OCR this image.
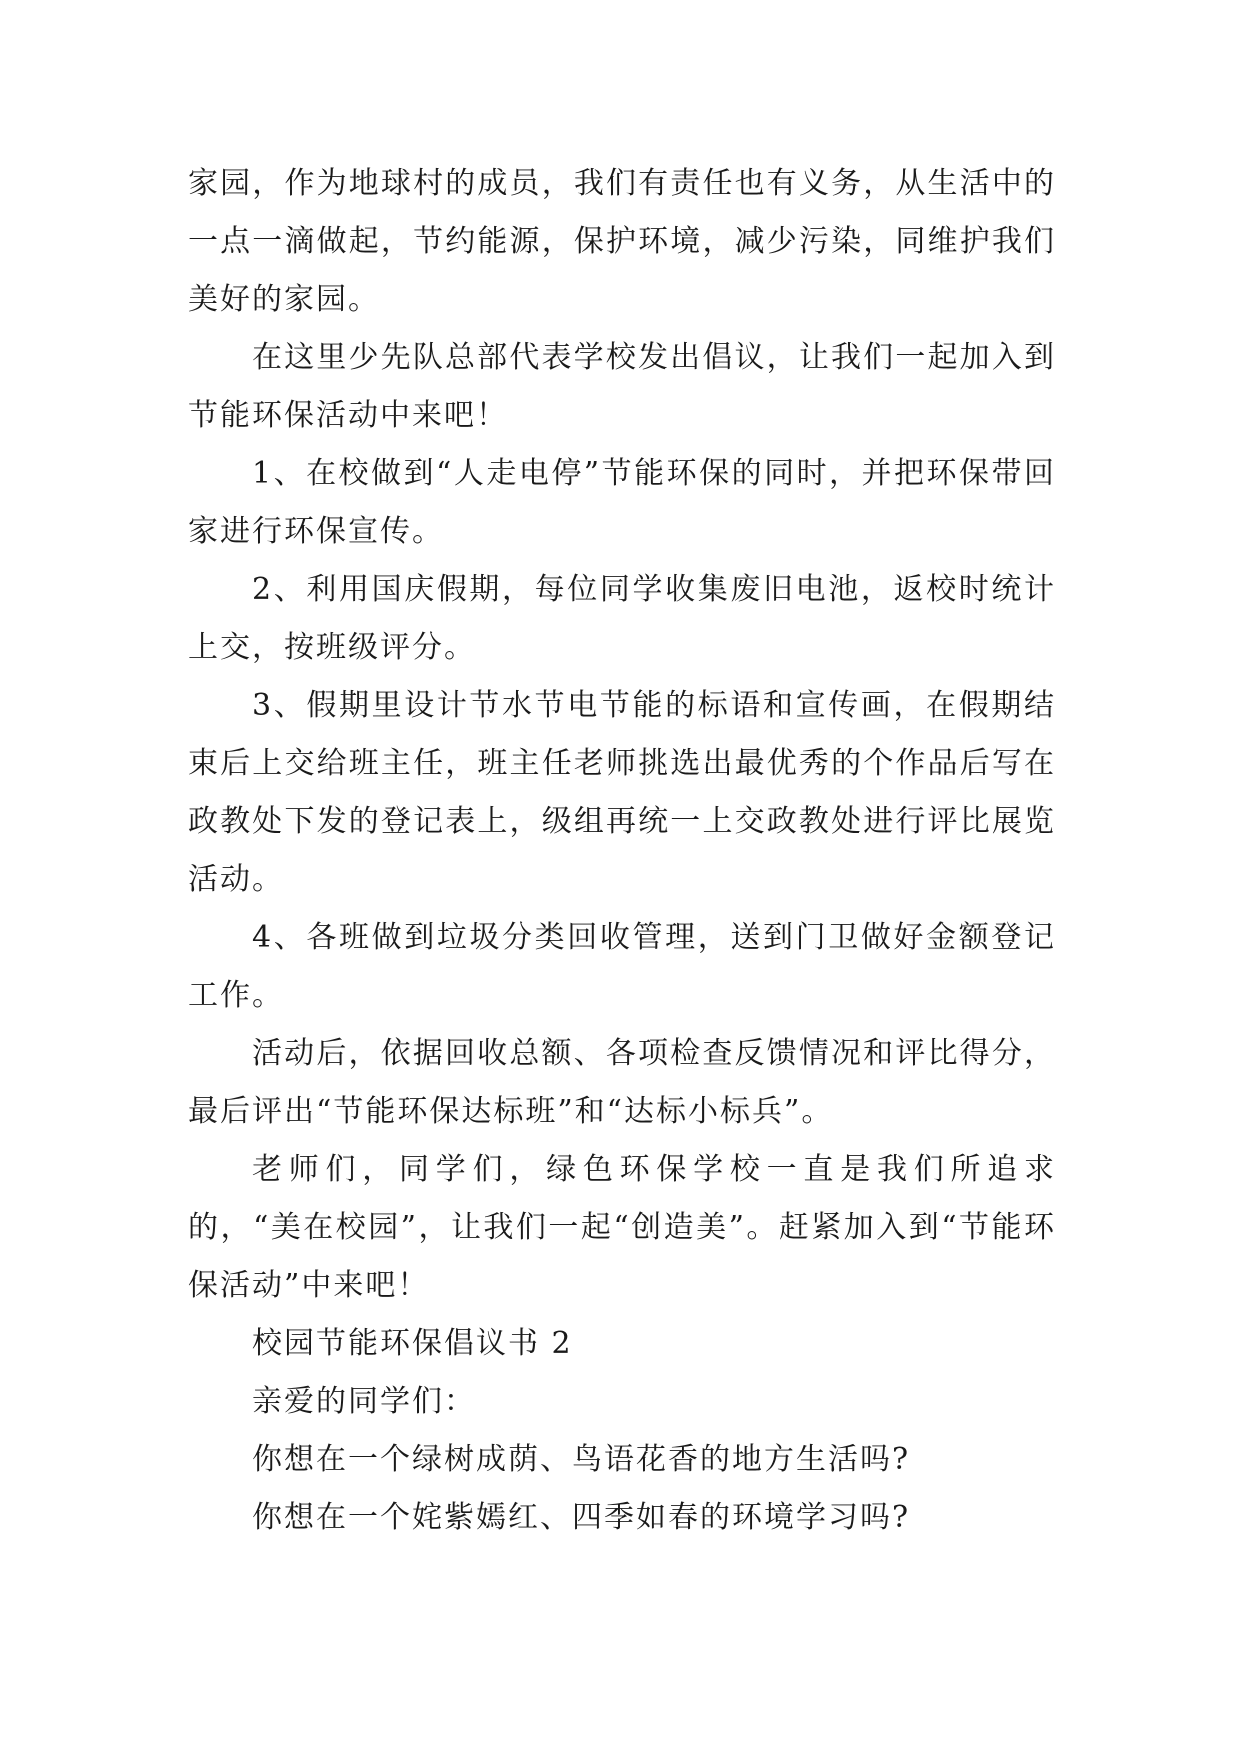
家园，作为地球村的成员，我们有责任也有义务，从生活中的一点一滴做起，节约能源，保护环境，减少污染，同维护我们美好的家园。

在这里少先队总部代表学校发出倡议，让我们一起加入到节能环保活动中来吧！

1、在校做到“人走电停”节能环保的同时，并把环保带回家进行环保宣传。

2、利用国庆假期，每位同学收集废旧电池，返校时统计上交，按班级评分。

3、假期里设计节水节电节能的标语和宣传画，在假期结束后上交给班主任，班主任老师挑选出最优秀的个作品后写在政教处下发的登记表上，级组再统一上交政教处进行评比展览活动。

4、各班做到垃圾分类回收管理，送到门卫做好金额登记工作。

活动后，依据回收总额、各项检查反馈情况和评比得分，最后评出“节能环保达标班”和“达标小标兵”。

老师们，同学们，绿色环保学校一直是我们所追求的，“美在校园”，让我们一起“创造美”。赶紧加入到“节能环保活动”中来吧！

校园节能环保倡议书 2

亲爱的同学们：

你想在一个绿树成荫、鸟语花香的地方生活吗?

你想在一个姹紫嫣红、四季如春的环境学习吗?
